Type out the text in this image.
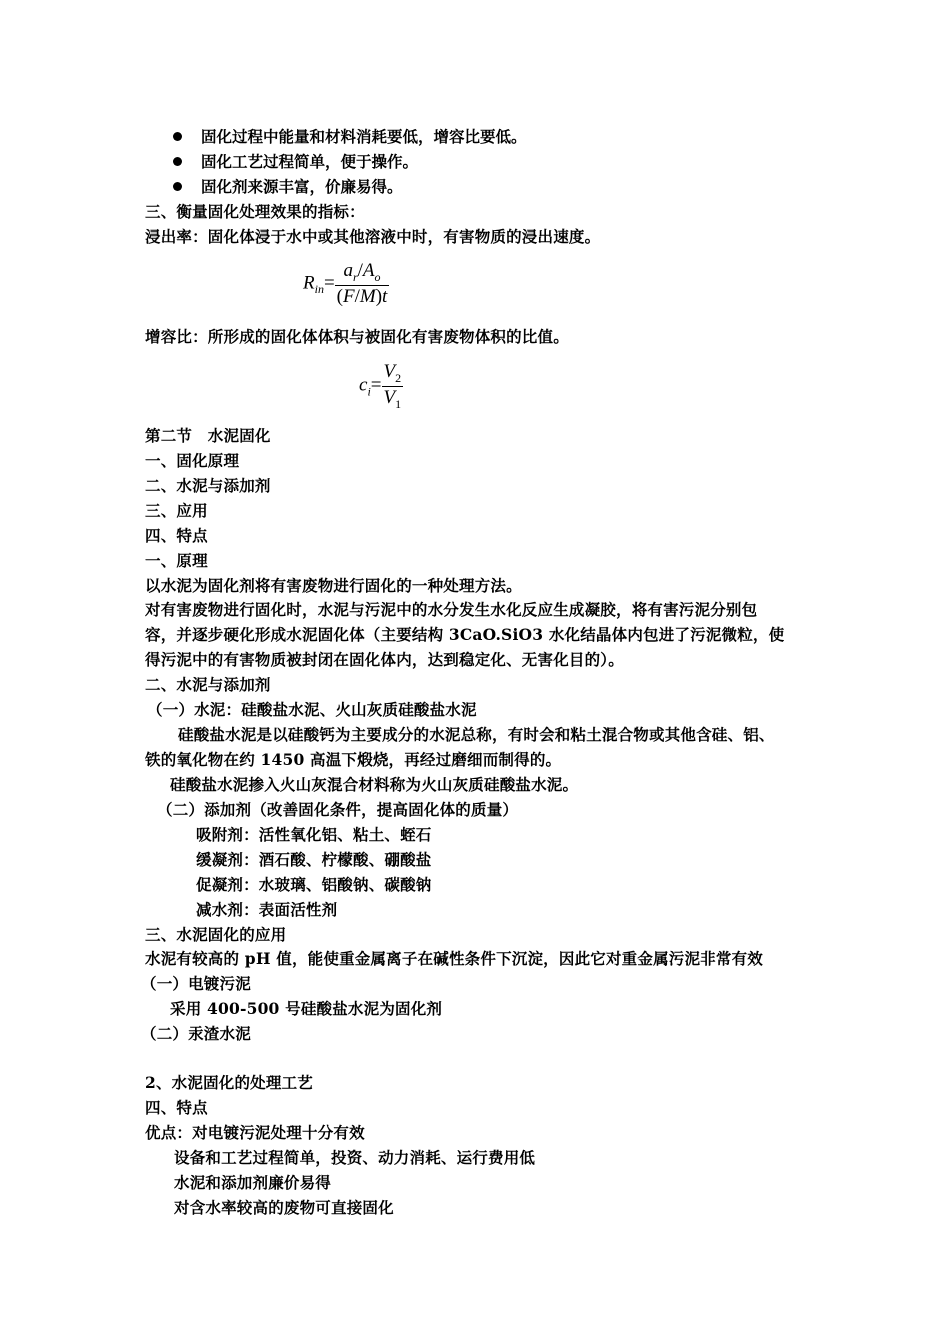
固化过程中能量和材料消耗要低，增容比要低。
固化工艺过程简单，便于操作。
固化剂来源丰富，价廉易得。
三、衡量固化处理效果的指标：
浸出率：固化体浸于水中或其他溶液中时，有害物质的浸出速度。
$R_{in}= \frac{a_r/A_o}{(F/M)t}$
增容比：所形成的固化体体积与被固化有害废物体积的比值。
$c_i= \frac{V_2}{V_1}$
第二节　水泥固化
一、固化原理
二、水泥与添加剂
三、应用
四、特点
一、原理
以水泥为固化剂将有害废物进行固化的一种处理方法。
对有害废物进行固化时，水泥与污泥中的水分发生水化反应生成凝胶，将有害污泥分别包
容，并逐步硬化形成水泥固化体（主要结构 3CaO.SiO3 水化结晶体内包进了污泥微粒，使
得污泥中的有害物质被封闭在固化体内，达到稳定化、无害化目的）。
二、水泥与添加剂
（一）水泥：硅酸盐水泥、火山灰质硅酸盐水泥
硅酸盐水泥是以硅酸钙为主要成分的水泥总称，有时会和粘土混合物或其他含硅、铝、
铁的氧化物在约 1450 高温下煅烧，再经过磨细而制得的。
硅酸盐水泥掺入火山灰混合材料称为火山灰质硅酸盐水泥。
（二）添加剂（改善固化条件，提高固化体的质量）
吸附剂：活性氧化铝、粘土、蛭石
缓凝剂：酒石酸、柠檬酸、硼酸盐
促凝剂：水玻璃、铝酸钠、碳酸钠
减水剂：表面活性剂
三、水泥固化的应用
水泥有较高的 pH 值，能使重金属离子在碱性条件下沉淀，因此它对重金属污泥非常有效
（一）电镀污泥
采用 400-500 号硅酸盐水泥为固化剂
（二）汞渣水泥
2、水泥固化的处理工艺
四、特点
优点：对电镀污泥处理十分有效
设备和工艺过程简单，投资、动力消耗、运行费用低
水泥和添加剂廉价易得
对含水率较高的废物可直接固化
